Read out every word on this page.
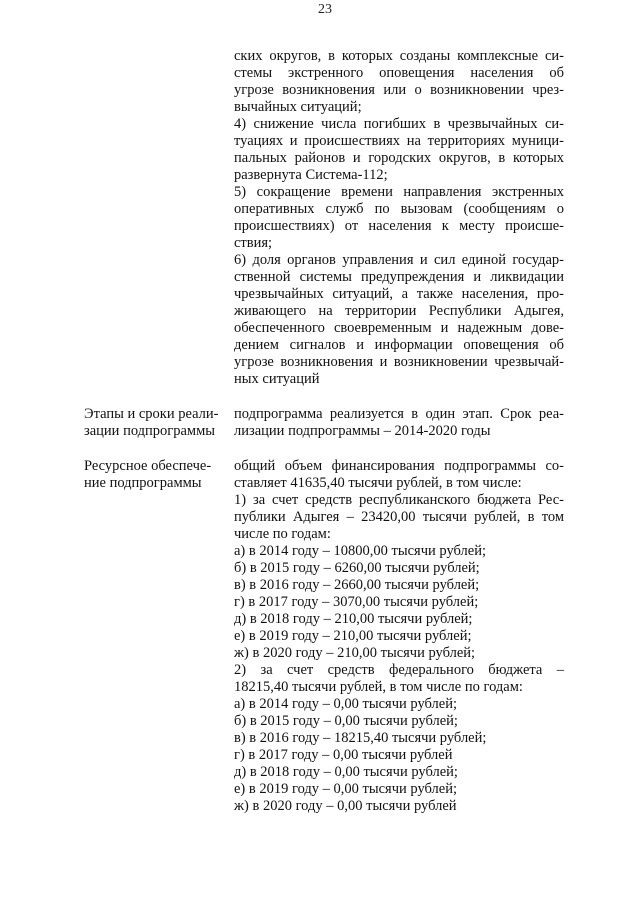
23
ских округов, в которых созданы комплексные си-
стемы экстренного оповещения населения об
угрозе возникновения или о возникновении чрез-
вычайных ситуаций;
4) снижение числа погибших в чрезвычайных си-
туациях и происшествиях на территориях муници-
пальных районов и городских округов, в которых
развернута Система-112;
5) сокращение времени направления экстренных
оперативных служб по вызовам (сообщениям о
происшествиях) от населения к месту происше-
ствия;
6) доля органов управления и сил единой государ-
ственной системы предупреждения и ликвидации
чрезвычайных ситуаций, а также населения, про-
живающего на территории Республики Адыгея,
обеспеченного своевременным и надежным дове-
дением сигналов и информации оповещения об
угрозе возникновения и возникновении чрезвычай-
ных ситуаций
Этапы и сроки реали-
зации подпрограммы
подпрограмма реализуется в один этап. Срок реа-
лизации подпрограммы – 2014-2020 годы
Ресурсное обеспече-
ние подпрограммы
общий объем финансирования подпрограммы со-
ставляет 41635,40 тысячи рублей, в том числе:
1) за счет средств республиканского бюджета Рес-
публики Адыгея – 23420,00 тысячи рублей, в том
числе по годам:
а) в 2014 году – 10800,00 тысячи рублей;
б) в 2015 году – 6260,00 тысячи рублей;
в) в 2016 году – 2660,00 тысячи рублей;
г) в 2017 году – 3070,00 тысячи рублей;
д) в 2018 году – 210,00 тысячи рублей;
е) в 2019 году – 210,00 тысячи рублей;
ж) в 2020 году – 210,00 тысячи рублей;
2) за счет средств федерального бюджета –
18215,40 тысячи рублей, в том числе по годам:
а) в 2014 году – 0,00 тысячи рублей;
б) в 2015 году – 0,00 тысячи рублей;
в) в 2016 году – 18215,40 тысячи рублей;
г) в 2017 году – 0,00 тысячи рублей
д) в 2018 году – 0,00 тысячи рублей;
е) в 2019 году – 0,00 тысячи рублей;
ж) в 2020 году – 0,00 тысячи рублей
